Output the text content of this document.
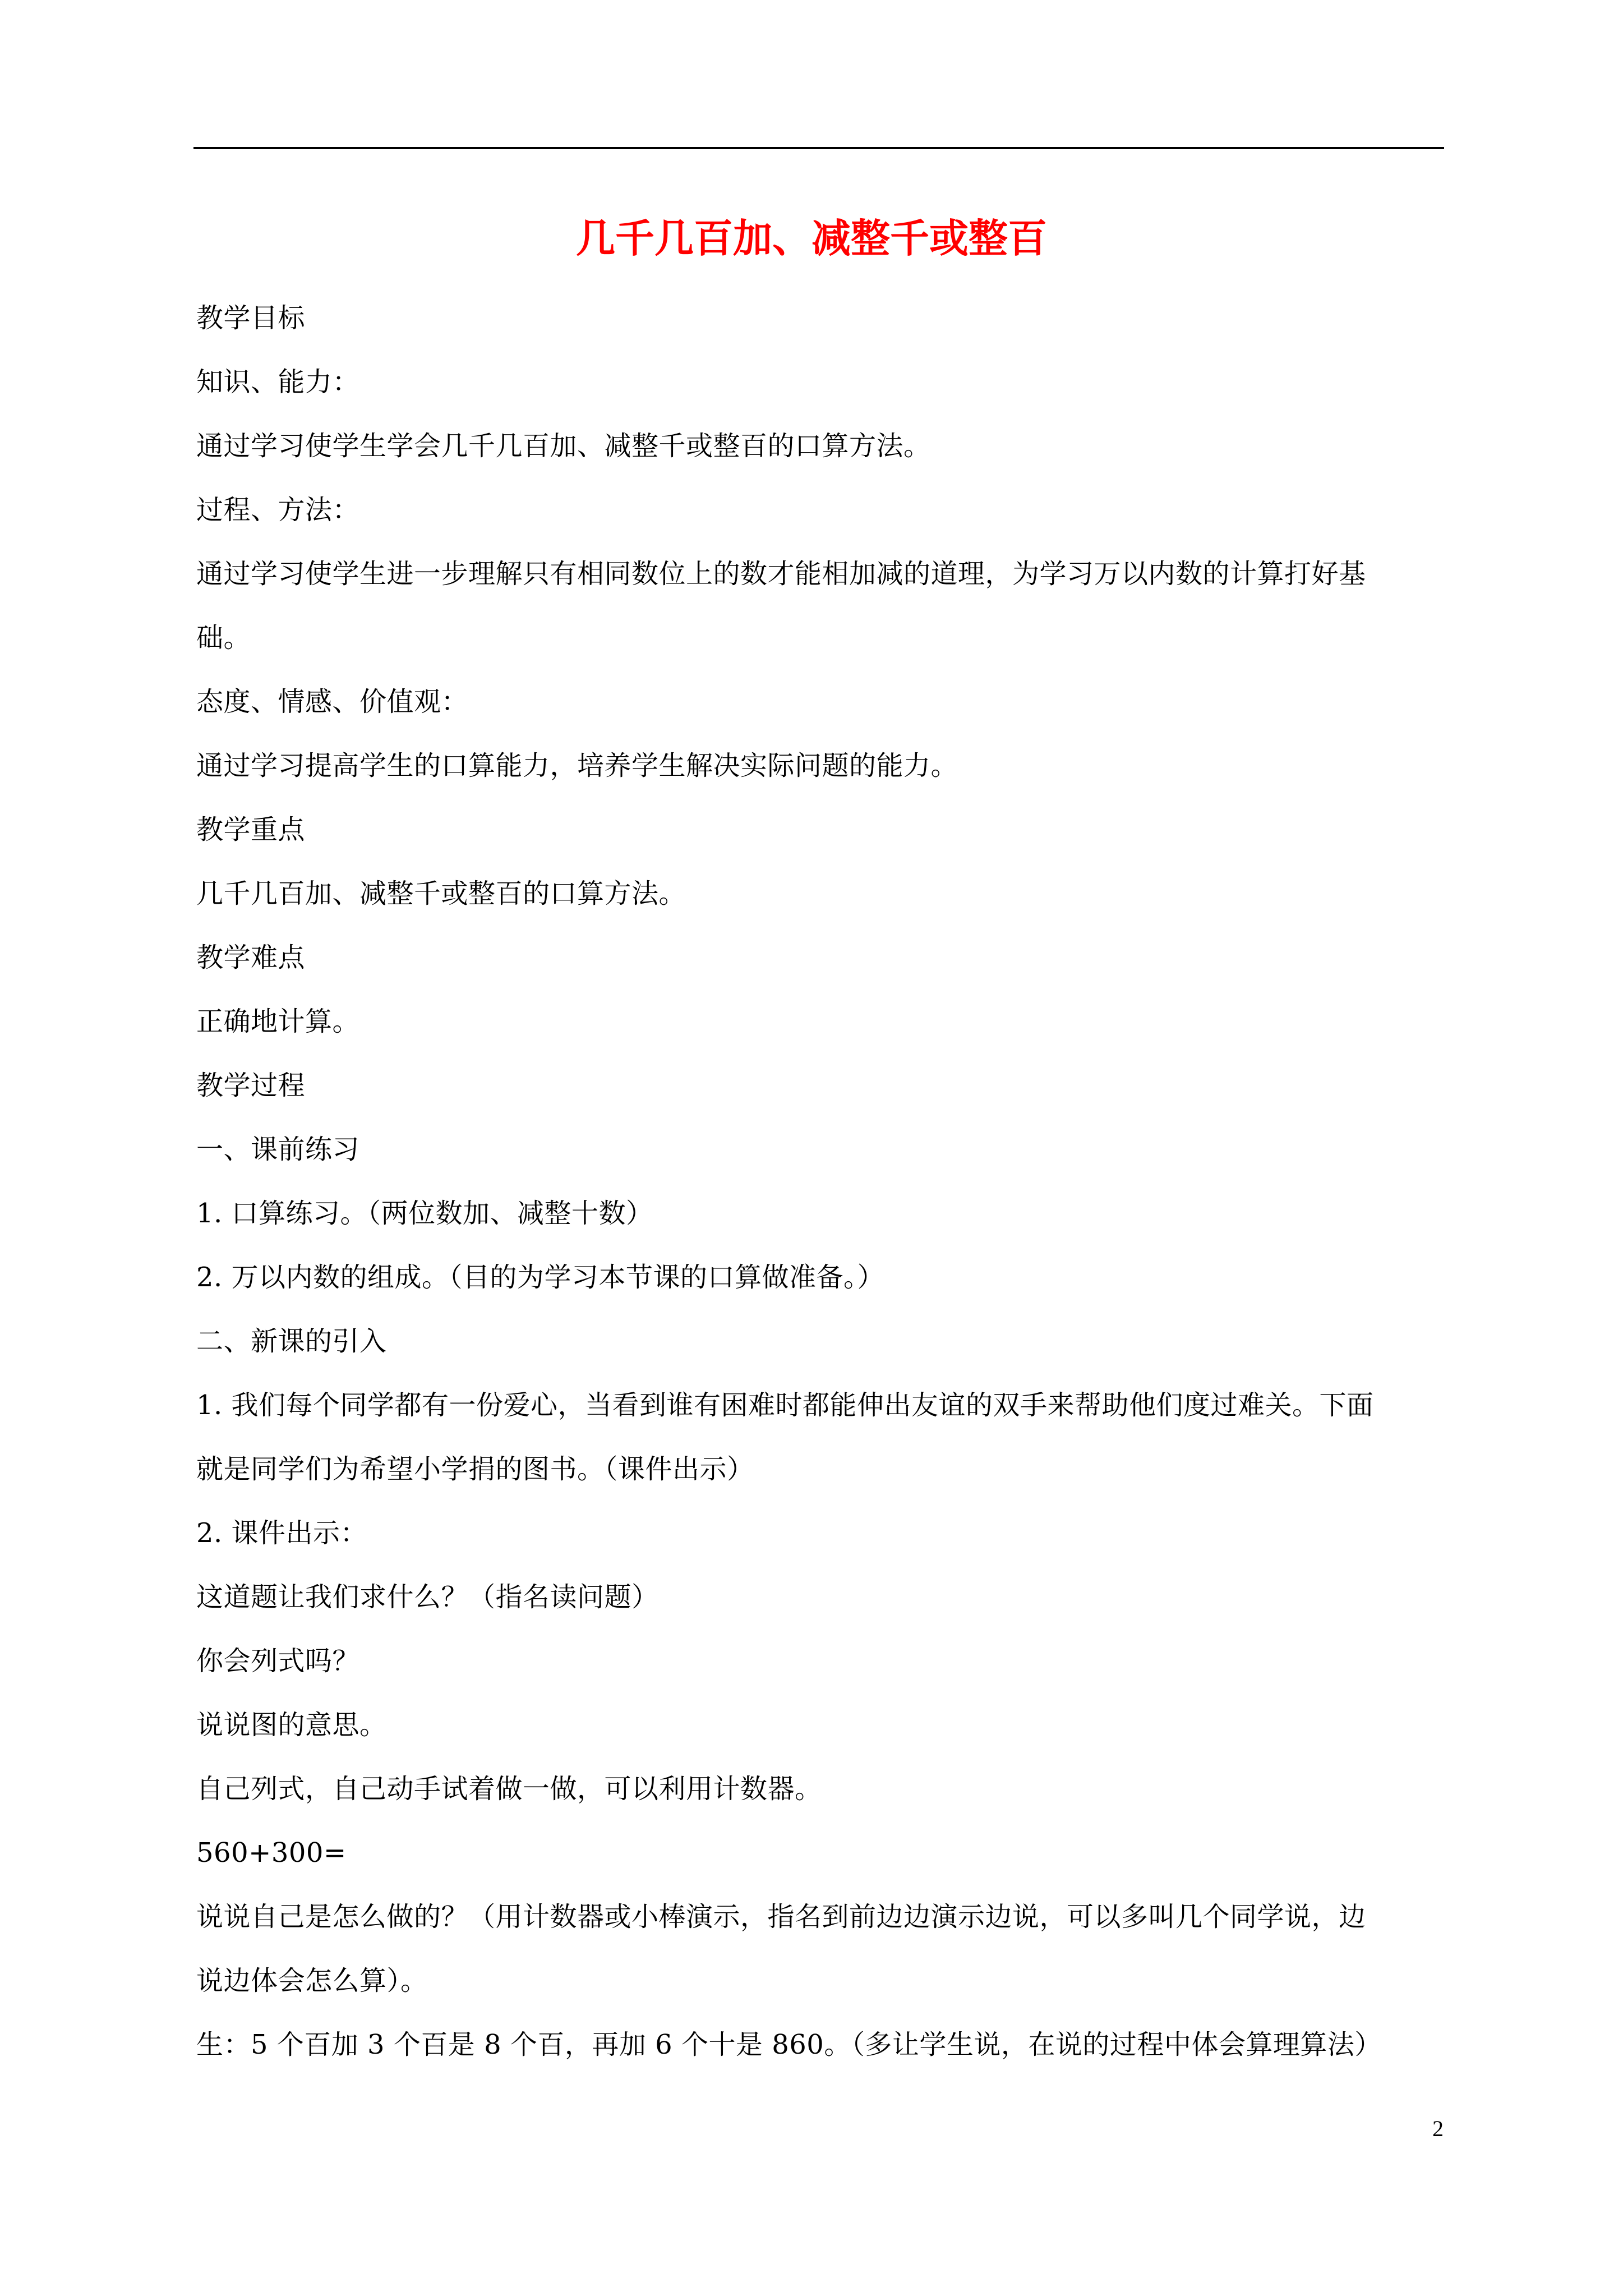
几千几百加、减整千或整百
教学目标
知识、能力：
通过学习使学生学会几千几百加、减整千或整百的口算方法。
过程、方法：
通过学习使学生进一步理解只有相同数位上的数才能相加减的道理，为学习万以内数的计算打好基
础。
态度、情感、价值观：
通过学习提高学生的口算能力，培养学生解决实际问题的能力。
教学重点
几千几百加、减整千或整百的口算方法。
教学难点
正确地计算。
教学过程
一、课前练习
1. 口算练习。（两位数加、减整十数）
2. 万以内数的组成。（目的为学习本节课的口算做准备。）
二、新课的引入
1. 我们每个同学都有一份爱心，当看到谁有困难时都能伸出友谊的双手来帮助他们度过难关。下面
就是同学们为希望小学捐的图书。（课件出示）
2. 课件出示：
这道题让我们求什么？（指名读问题）
你会列式吗？
说说图的意思。
自己列式，自己动手试着做一做，可以利用计数器。
560+300=
说说自己是怎么做的？（用计数器或小棒演示，指名到前边边演示边说，可以多叫几个同学说，边
说边体会怎么算）。
生：5 个百加 3 个百是 8 个百，再加 6 个十是 860。（多让学生说，在说的过程中体会算理算法）
2
